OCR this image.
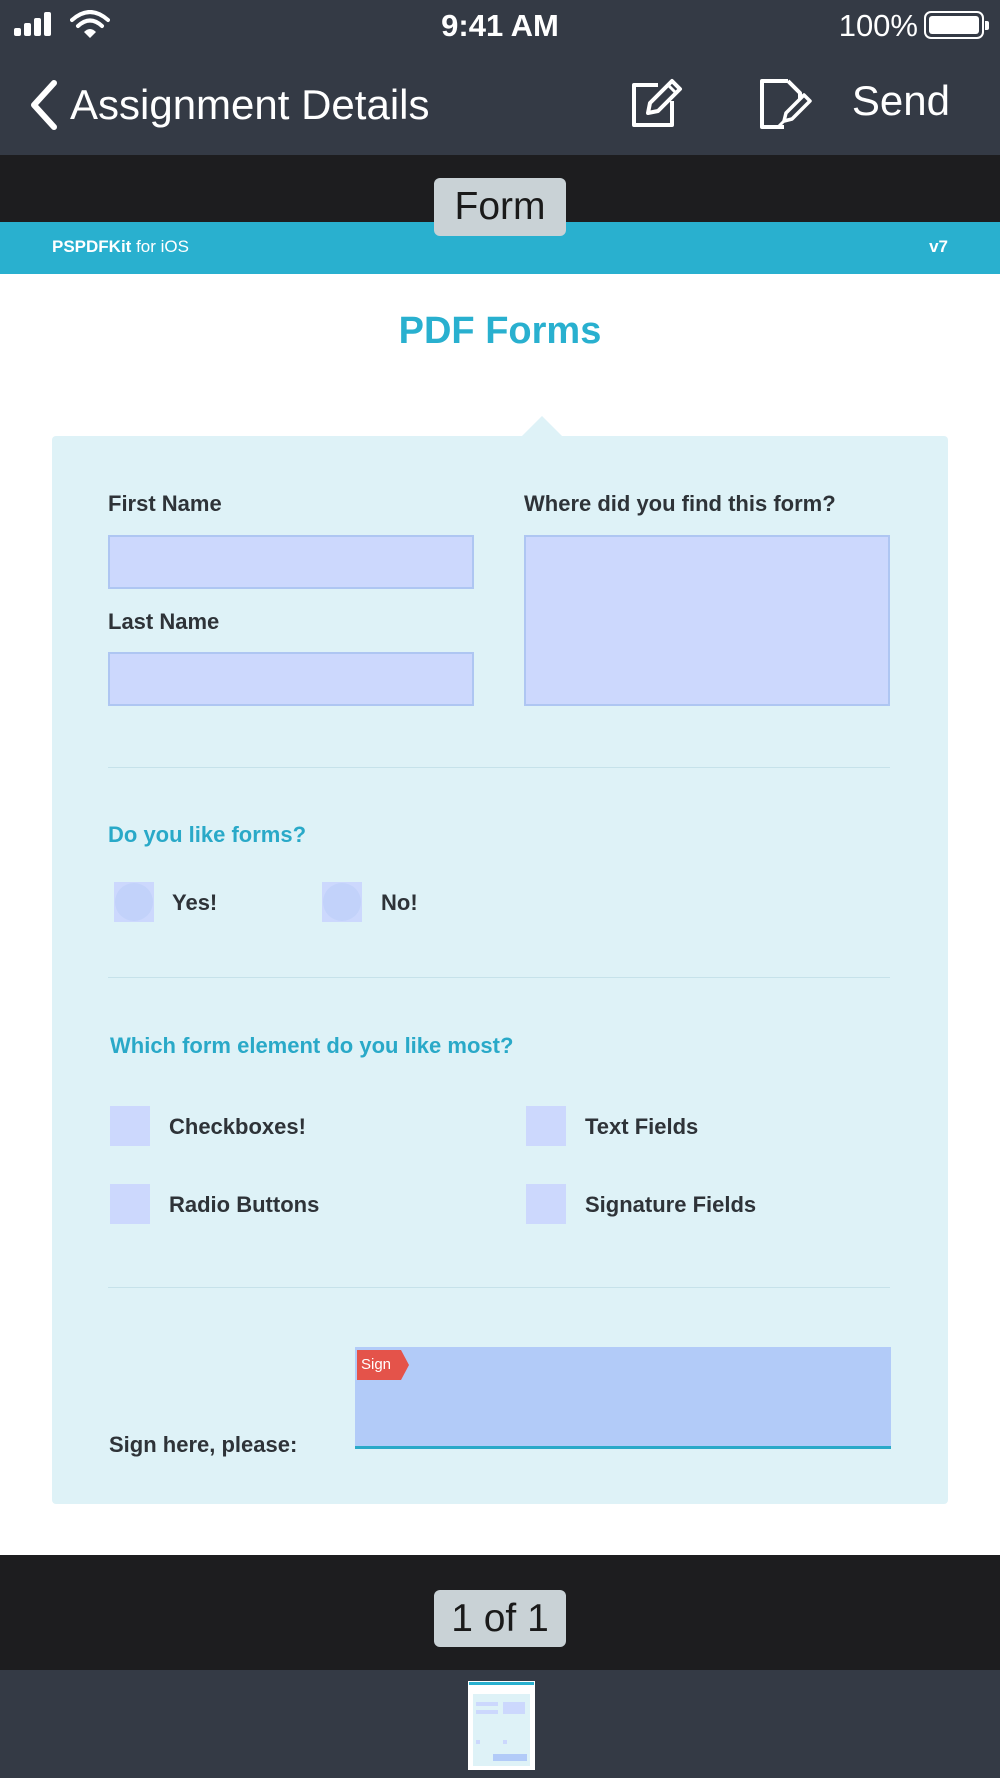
9:41 AM	100%
Assignment Details	Send
PSPDFKit for iOS	v7
PDF Forms
First Name
Last Name
Where did you find this form?
Do you like forms?
Yes!	No!
Which form element do you like most?
Checkboxes!	Text Fields
Radio Buttons	Signature Fields
Sign here, please:
Sign
Form
1 of 1
